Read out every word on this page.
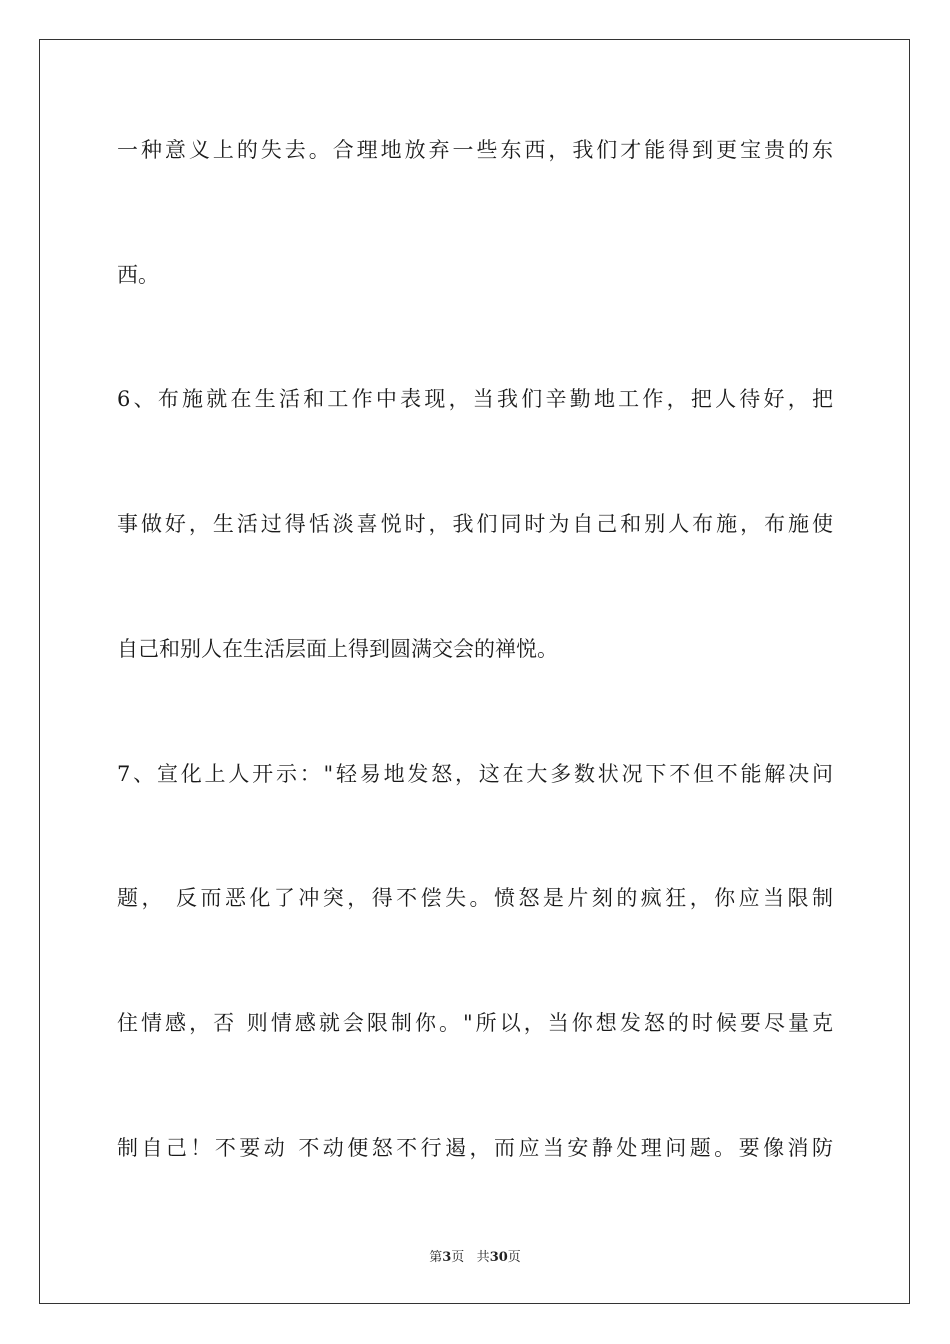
一种意义上的失去。合理地放弃一些东西，我们才能得到更宝贵的东
西。
6、布施就在生活和工作中表现，当我们辛勤地工作，把人待好，把
事做好，生活过得恬淡喜悦时，我们同时为自己和别人布施，布施使
自己和别人在生活层面上得到圆满交会的禅悦。
7、宣化上人开示："轻易地发怒，这在大多数状况下不但不能解决问
题， 反而恶化了冲突，得不偿失。愤怒是片刻的疯狂，你应当限制
住情感，否 则情感就会限制你。"所以，当你想发怒的时候要尽量克
制自己！不要动 不动便怒不行遏，而应当安静处理问题。要像消防
第3页 共30页
